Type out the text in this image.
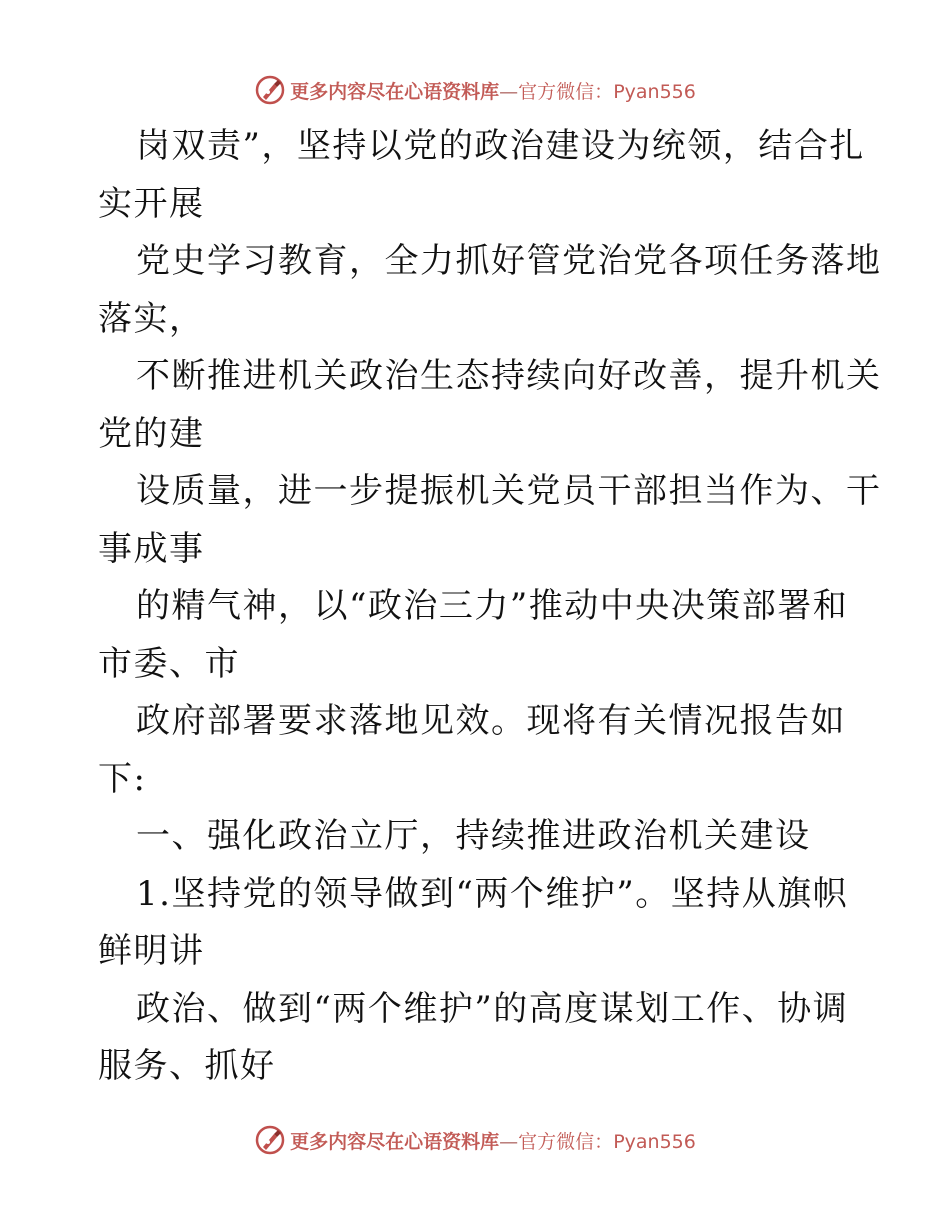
更多内容尽在心语资料库—官方微信：Pyan556
岗双责”，坚持以党的政治建设为统领，结合扎
实开展
党史学习教育，全力抓好管党治党各项任务落地
落实，
不断推进机关政治生态持续向好改善，提升机关
党的建
设质量，进一步提振机关党员干部担当作为、干
事成事
的精气神，以“政治三力”推动中央决策部署和
市委、市
政府部署要求落地见效。现将有关情况报告如
下:
一、强化政治立厅，持续推进政治机关建设
1.坚持党的领导做到“两个维护”。坚持从旗帜
鲜明讲
政治、做到“两个维护”的高度谋划工作、协调
服务、抓好
更多内容尽在心语资料库—官方微信：Pyan556
